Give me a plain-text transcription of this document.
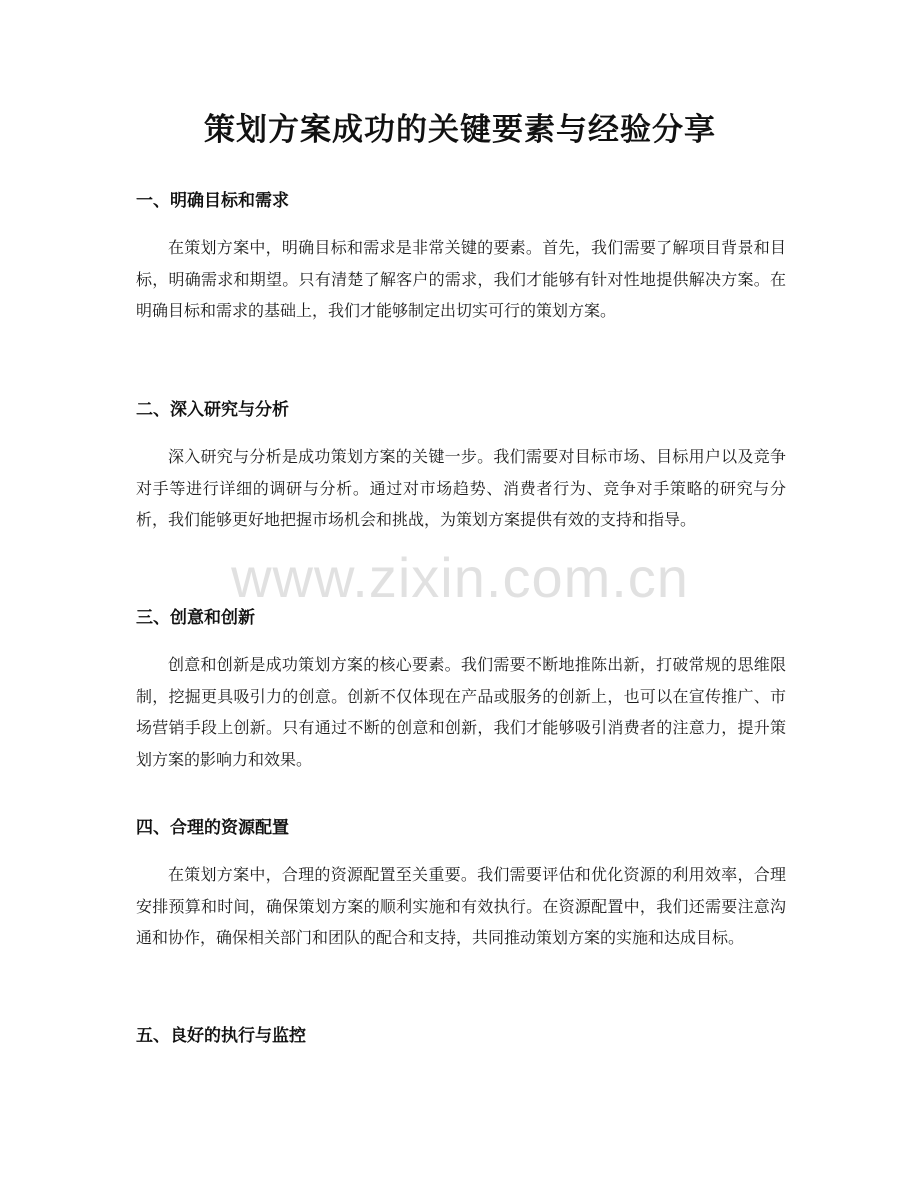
策划方案成功的关键要素与经验分享
一、明确目标和需求

在策划方案中，明确目标和需求是非常关键的要素。首先，我们需要了解项目背景和目标，明确需求和期望。只有清楚了解客户的需求，我们才能够有针对性地提供解决方案。在明确目标和需求的基础上，我们才能够制定出切实可行的策划方案。

二、深入研究与分析

深入研究与分析是成功策划方案的关键一步。我们需要对目标市场、目标用户以及竞争对手等进行详细的调研与分析。通过对市场趋势、消费者行为、竞争对手策略的研究与分析，我们能够更好地把握市场机会和挑战，为策划方案提供有效的支持和指导。

三、创意和创新

创意和创新是成功策划方案的核心要素。我们需要不断地推陈出新，打破常规的思维限制，挖掘更具吸引力的创意。创新不仅体现在产品或服务的创新上，也可以在宣传推广、市场营销手段上创新。只有通过不断的创意和创新，我们才能够吸引消费者的注意力，提升策划方案的影响力和效果。

四、合理的资源配置

在策划方案中，合理的资源配置至关重要。我们需要评估和优化资源的利用效率，合理安排预算和时间，确保策划方案的顺利实施和有效执行。在资源配置中，我们还需要注意沟通和协作，确保相关部门和团队的配合和支持，共同推动策划方案的实施和达成目标。

五、良好的执行与监控
www.zixin.com.cn
